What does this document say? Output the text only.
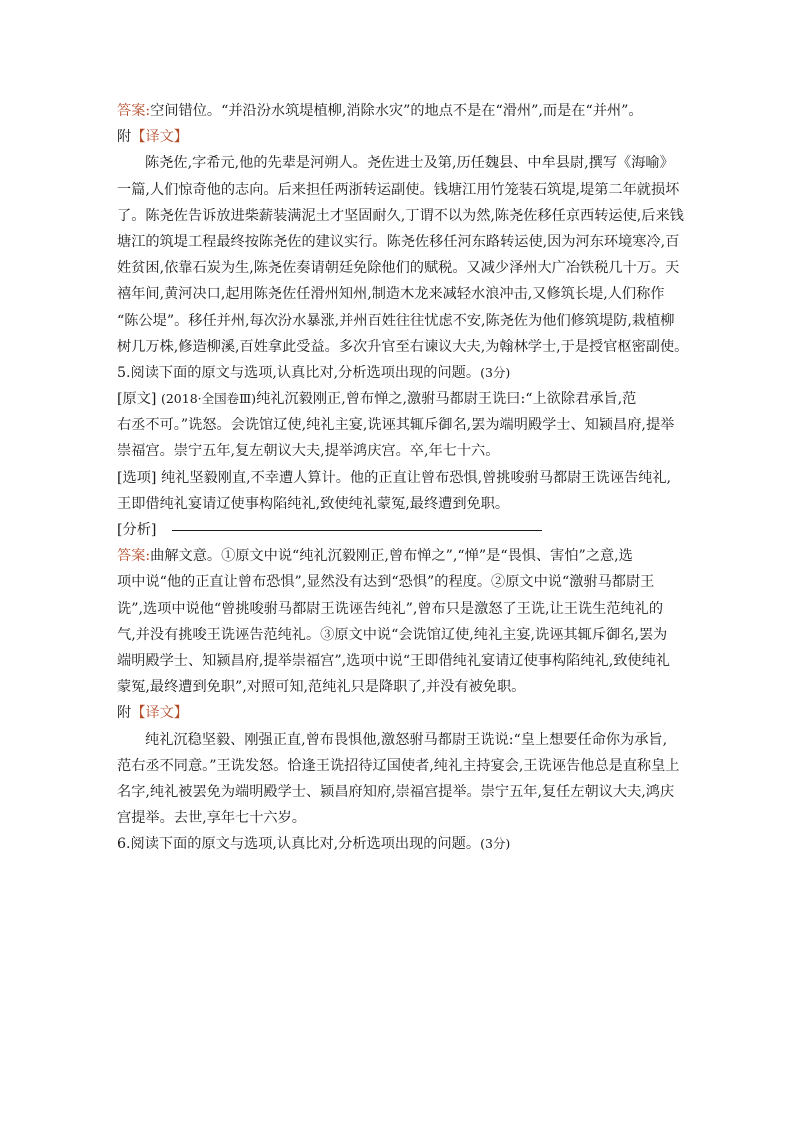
答案:空间错位。“并沿汾水筑堤植柳,消除水灾”的地点不是在“滑州”,而是在“并州”。
附【译文】
陈尧佐,字希元,他的先辈是河朔人。尧佐进士及第,历任魏县、中牟县尉,撰写《海喻》
一篇,人们惊奇他的志向。后来担任两浙转运副使。钱塘江用竹笼装石筑堤,堤第二年就损坏
了。陈尧佐告诉放进柴薪装满泥土才坚固耐久,丁谓不以为然,陈尧佐移任京西转运使,后来钱
塘江的筑堤工程最终按陈尧佐的建议实行。陈尧佐移任河东路转运使,因为河东环境寒冷,百
姓贫困,依靠石炭为生,陈尧佐奏请朝廷免除他们的赋税。又减少泽州大广冶铁税几十万。天
禧年间,黄河决口,起用陈尧佐任滑州知州,制造木龙来减轻水浪冲击,又修筑长堤,人们称作
“陈公堤”。移任并州,每次汾水暴涨,并州百姓往往忧虑不安,陈尧佐为他们修筑堤防,栽植柳
树几万株,修造柳溪,百姓拿此受益。多次升官至右谏议大夫,为翰林学士,于是授官枢密副使。
5.阅读下面的原文与选项,认真比对,分析选项出现的问题。(3分)
[原文] (2018·全国卷Ⅲ)纯礼沉毅刚正,曾布惮之,激驸马都尉王诜曰:“上欲除君承旨,范
右丞不可。”诜怒。会诜馆辽使,纯礼主宴,诜诬其辄斥御名,罢为端明殿学士、知颍昌府,提举
崇福宫。崇宁五年,复左朝议大夫,提举鸿庆宫。卒,年七十六。
[选项] 纯礼坚毅刚直,不幸遭人算计。他的正直让曾布恐惧,曾挑唆驸马都尉王诜诬告纯礼,
王即借纯礼宴请辽使事构陷纯礼,致使纯礼蒙冤,最终遭到免职。
[分析]
答案:曲解文意。①原文中说“纯礼沉毅刚正,曾布惮之”,“惮”是“畏惧、害怕”之意,选
项中说“他的正直让曾布恐惧”,显然没有达到“恐惧”的程度。②原文中说“激驸马都尉王
诜”,选项中说他“曾挑唆驸马都尉王诜诬告纯礼”,曾布只是激怒了王诜,让王诜生范纯礼的
气,并没有挑唆王诜诬告范纯礼。③原文中说“会诜馆辽使,纯礼主宴,诜诬其辄斥御名,罢为
端明殿学士、知颍昌府,提举崇福宫”,选项中说“王即借纯礼宴请辽使事构陷纯礼,致使纯礼
蒙冤,最终遭到免职”,对照可知,范纯礼只是降职了,并没有被免职。
附【译文】
纯礼沉稳坚毅、刚强正直,曾布畏惧他,激怒驸马都尉王诜说:“皇上想要任命你为承旨,
范右丞不同意。”王诜发怒。恰逢王诜招待辽国使者,纯礼主持宴会,王诜诬告他总是直称皇上
名字,纯礼被罢免为端明殿学士、颍昌府知府,崇福宫提举。崇宁五年,复任左朝议大夫,鸿庆
宫提举。去世,享年七十六岁。
6.阅读下面的原文与选项,认真比对,分析选项出现的问题。(3分)
